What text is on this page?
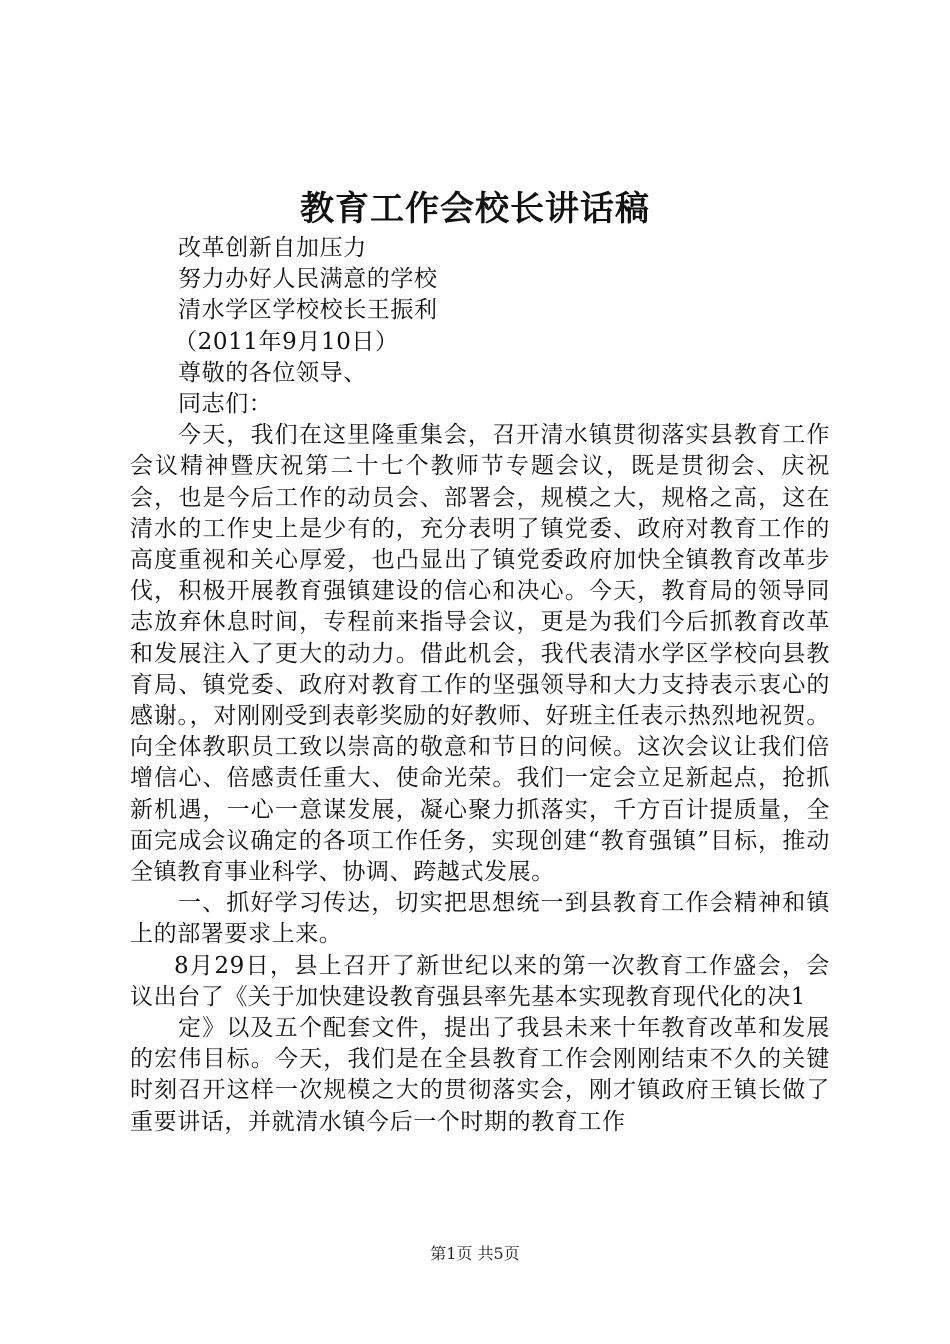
教育工作会校长讲话稿

改革创新自加压力

努力办好人民满意的学校

清水学区学校校长王振利

（2011年9月10日）

尊敬的各位领导、

同志们：

今天，我们在这里隆重集会，召开清水镇贯彻落实县教育工作会议精神暨庆祝第二十七个教师节专题会议，既是贯彻会、庆祝会，也是今后工作的动员会、部署会，规模之大，规格之高，这在清水的工作史上是少有的，充分表明了镇党委、政府对教育工作的高度重视和关心厚爱，也凸显出了镇党委政府加快全镇教育改革步伐，积极开展教育强镇建设的信心和决心。今天，教育局的领导同志放弃休息时间，专程前来指导会议，更是为我们今后抓教育改革和发展注入了更大的动力。借此机会，我代表清水学区学校向县教育局、镇党委、政府对教育工作的坚强领导和大力支持表示衷心的感谢。，对刚刚受到表彰奖励的好教师、好班主任表示热烈地祝贺。向全体教职员工致以崇高的敬意和节日的问候。这次会议让我们倍增信心、倍感责任重大、使命光荣。我们一定会立足新起点，抢抓新机遇，一心一意谋发展，凝心聚力抓落实，千方百计提质量，全面完成会议确定的各项工作任务，实现创建“教育强镇”目标，推动全镇教育事业科学、协调、跨越式发展。

一、抓好学习传达，切实把思想统一到县教育工作会精神和镇上的部署要求上来。

8月29日，县上召开了新世纪以来的第一次教育工作盛会，会议出台了《关于加快建设教育强县率先基本实现教育现代化的决1

定》以及五个配套文件，提出了我县未来十年教育改革和发展的宏伟目标。今天，我们是在全县教育工作会刚刚结束不久的关键时刻召开这样一次规模之大的贯彻落实会，刚才镇政府王镇长做了重要讲话，并就清水镇今后一个时期的教育工作

第1页 共5页
